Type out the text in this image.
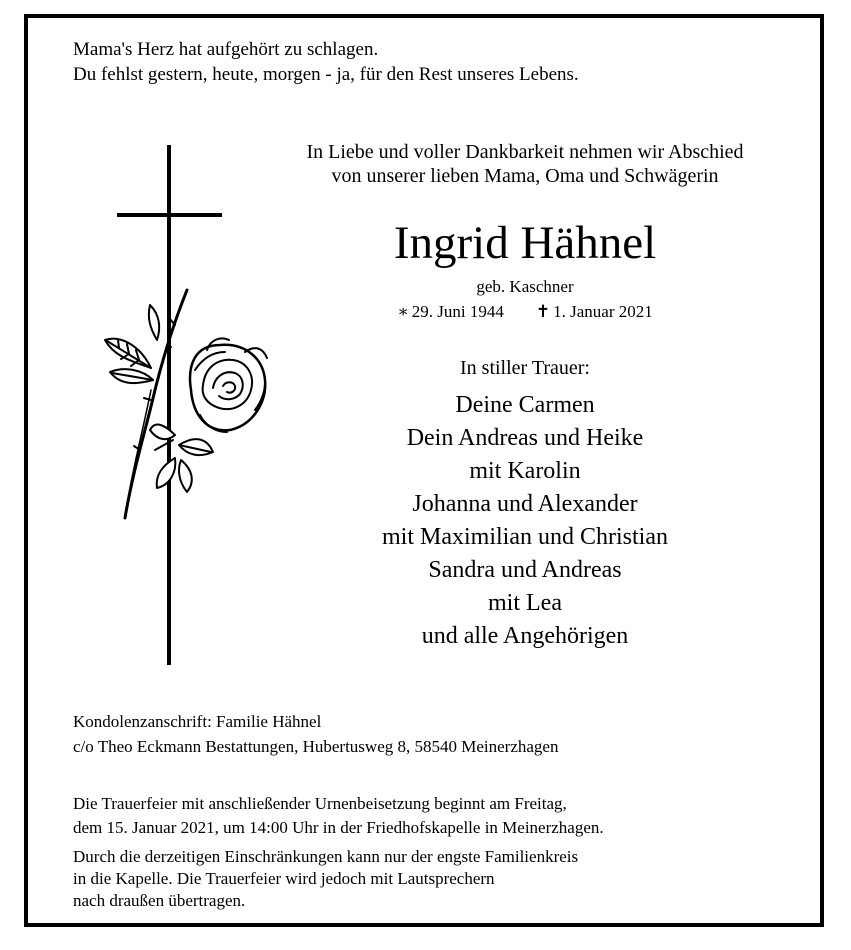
Mama's Herz hat aufgehört zu schlagen.
Du fehlst gestern, heute, morgen - ja, für den Rest unseres Lebens.
In Liebe und voller Dankbarkeit nehmen wir Abschied
von unserer lieben Mama, Oma und Schwägerin
Ingrid Hähnel
geb. Kaschner
∗ 29. Juni 1944 ✝ 1. Januar 2021
In stiller Trauer:
Deine Carmen
Dein Andreas und Heike
mit Karolin
Johanna und Alexander
mit Maximilian und Christian
Sandra und Andreas
mit Lea
und alle Angehörigen
Kondolenzanschrift: Familie Hähnel
c/o Theo Eckmann Bestattungen, Hubertusweg 8, 58540 Meinerzhagen
Die Trauerfeier mit anschließender Urnenbeisetzung beginnt am Freitag,
dem 15. Januar 2021, um 14:00 Uhr in der Friedhofskapelle in Meinerzhagen.
Durch die derzeitigen Einschränkungen kann nur der engste Familienkreis
in die Kapelle. Die Trauerfeier wird jedoch mit Lautsprechern
nach draußen übertragen.
